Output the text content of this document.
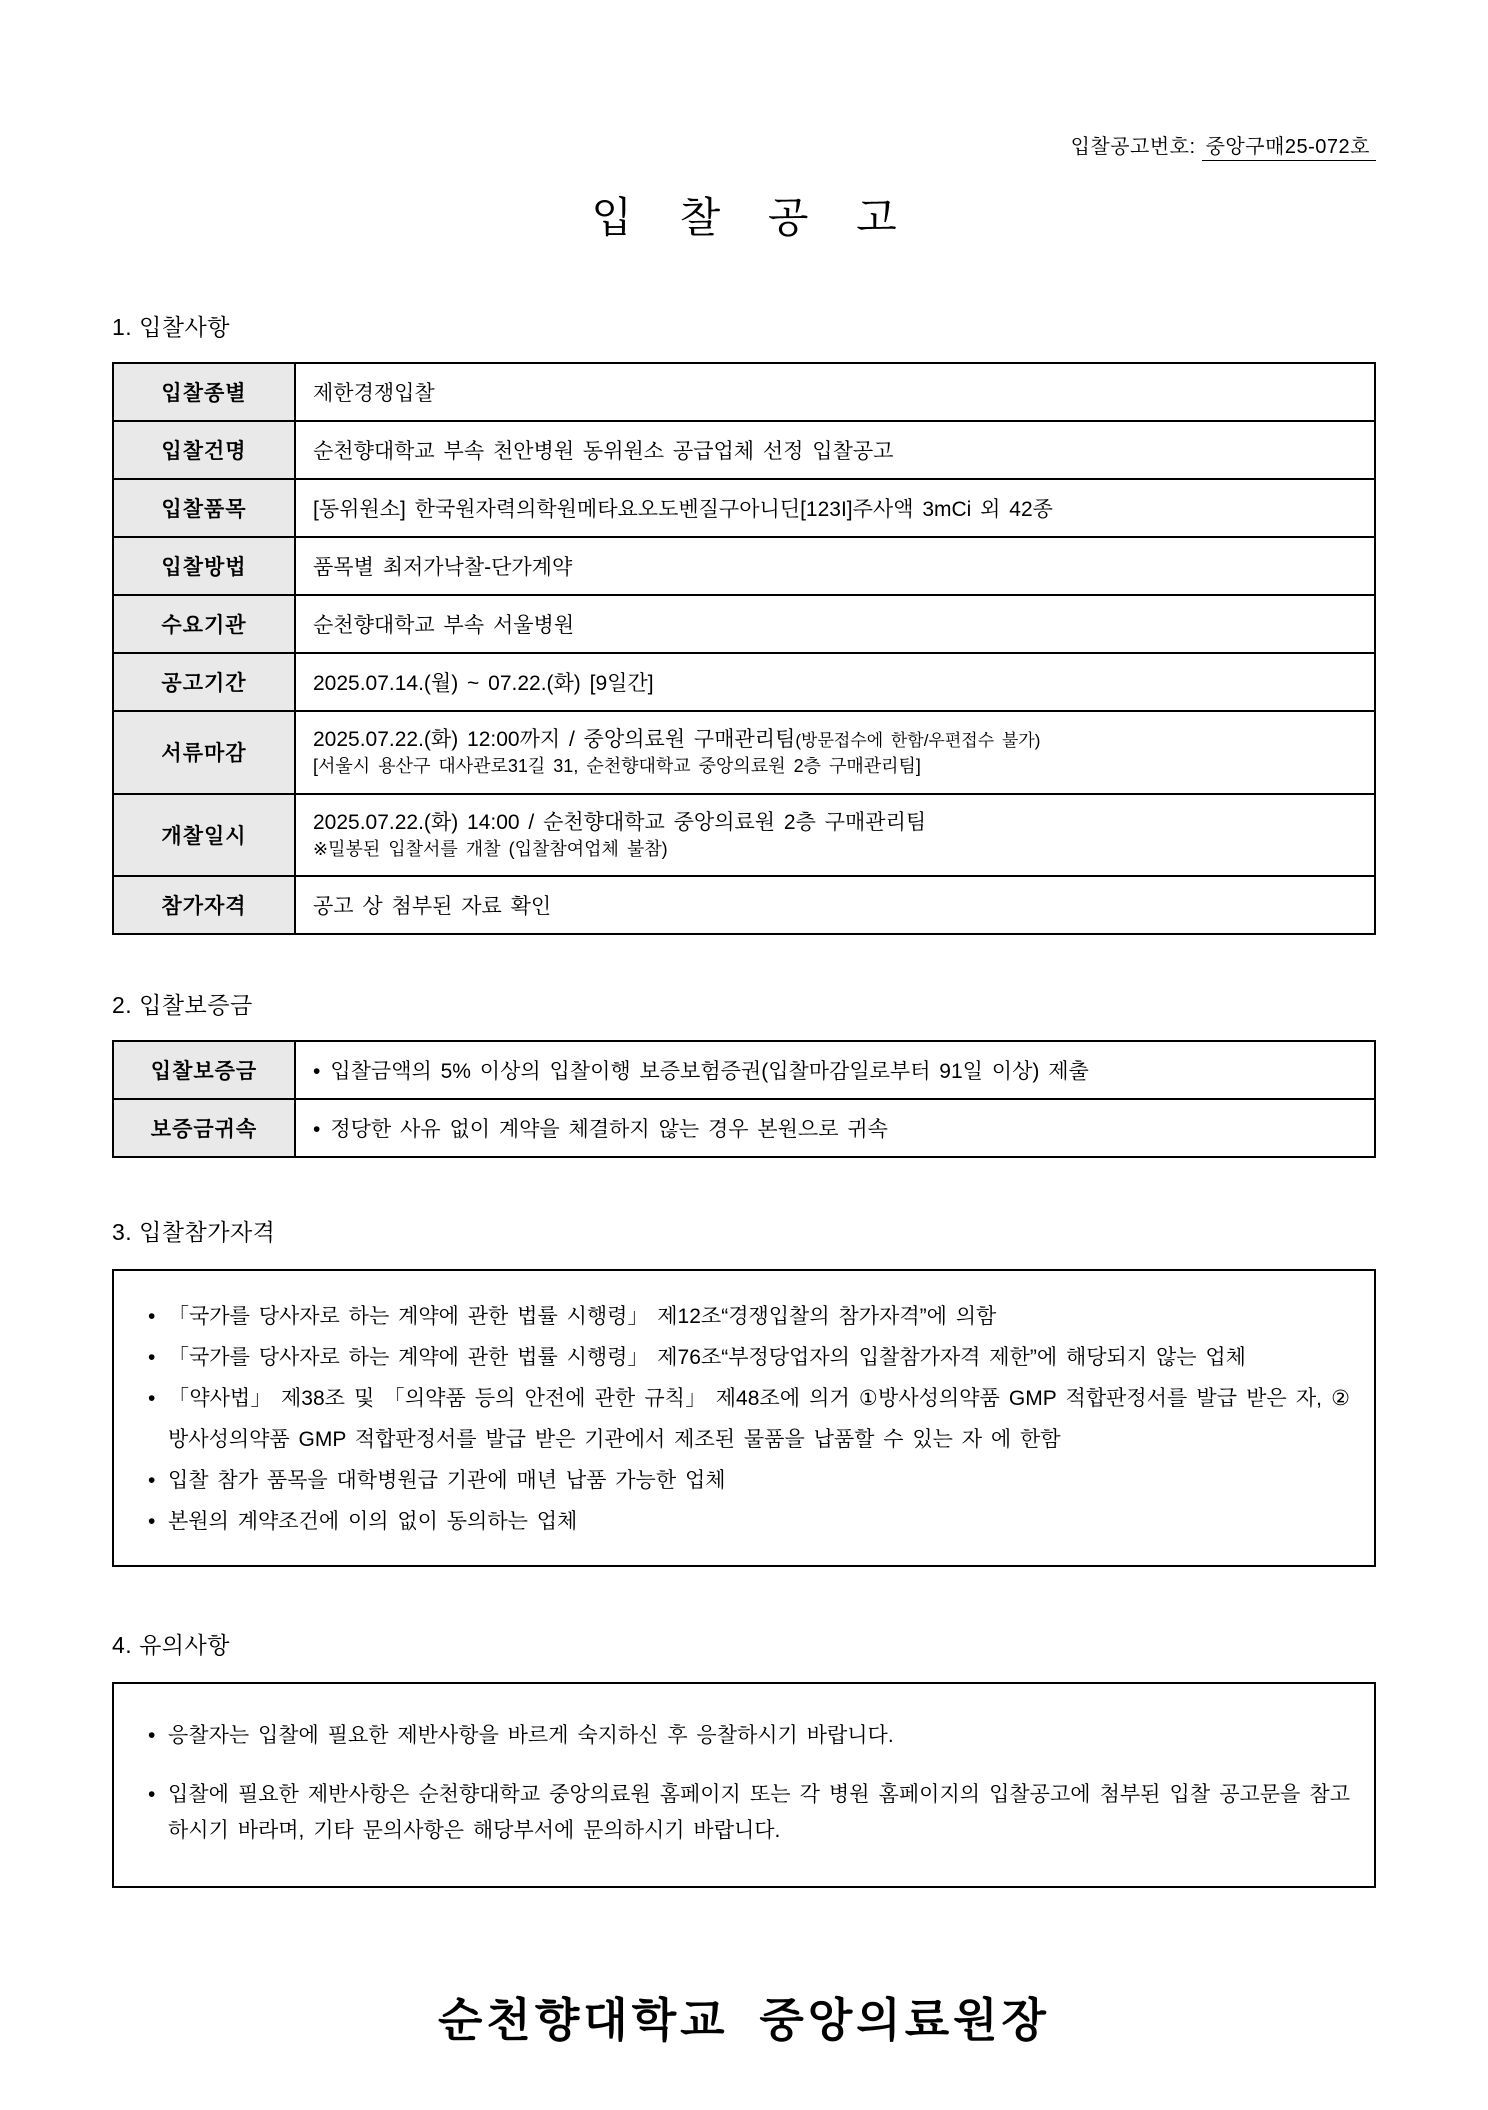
입찰공고번호: 중앙구매25-072호
입 찰 공 고
1. 입찰사항
입찰종별	제한경쟁입찰
입찰건명	순천향대학교 부속 천안병원 동위원소 공급업체 선정 입찰공고
입찰품목	[동위원소] 한국원자력의학원메타요오도벤질구아니딘[123I]주사액 3mCi 외 42종
입찰방법	품목별 최저가낙찰-단가계약
수요기관	순천향대학교 부속 서울병원
공고기간	2025.07.14.(월) ~ 07.22.(화) [9일간]
서류마감	2025.07.22.(화) 12:00까지 / 중앙의료원 구매관리팀(방문접수에 한함/우편접수 불가)
[서울시 용산구 대사관로31길 31, 순천향대학교 중앙의료원 2층 구매관리팀]

개찰일시	2025.07.22.(화) 14:00 / 순천향대학교 중앙의료원 2층 구매관리팀
※밀봉된 입찰서를 개찰 (입찰참여업체 불참)

참가자격	공고 상 첨부된 자료 확인
2. 입찰보증금
입찰보증금	• 입찰금액의 5% 이상의 입찰이행 보증보험증권(입찰마감일로부터 91일 이상) 제출
보증금귀속	• 정당한 사유 없이 계약을 체결하지 않는 경우 본원으로 귀속
3. 입찰참가자격
• 「국가를 당사자로 하는 계약에 관한 법률 시행령」 제12조“경쟁입찰의 참가자격”에 의함
• 「국가를 당사자로 하는 계약에 관한 법률 시행령」 제76조“부정당업자의 입찰참가자격 제한”에 해당되지 않는 업체
• 「약사법」 제38조 및 「의약품 등의 안전에 관한 규칙」 제48조에 의거 ①방사성의약품 GMP 적합판정서를 발급 받은 자, ②방사성의약품 GMP 적합판정서를 발급 받은 기관에서 제조된 물품을 납품할 수 있는 자 에 한함
• 입찰 참가 품목을 대학병원급 기관에 매년 납품 가능한 업체
• 본원의 계약조건에 이의 없이 동의하는 업체
4. 유의사항
• 응찰자는 입찰에 필요한 제반사항을 바르게 숙지하신 후 응찰하시기 바랍니다.
• 입찰에 필요한 제반사항은 순천향대학교 중앙의료원 홈페이지 또는 각 병원 홈페이지의 입찰공고에 첨부된 입찰 공고문을 참고하시기 바라며, 기타 문의사항은 해당부서에 문의하시기 바랍니다.
순천향대학교 중앙의료원장
